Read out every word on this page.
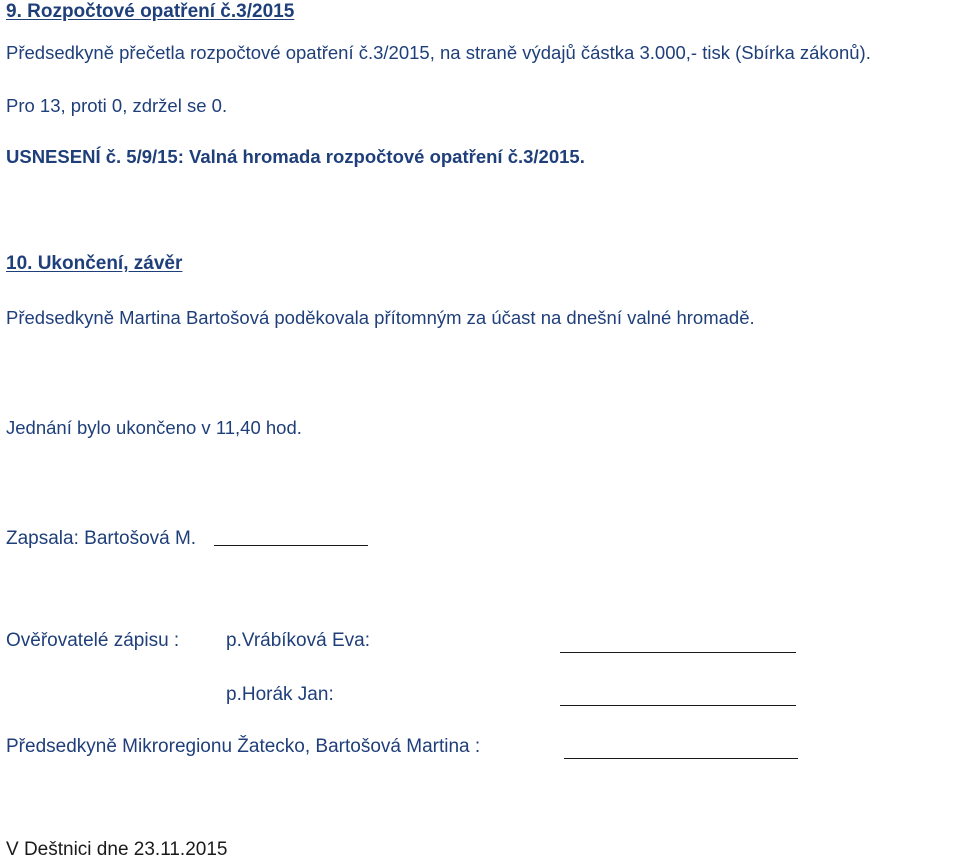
9. Rozpočtové opatření č.3/2015
Předsedkyně přečetla rozpočtové opatření č.3/2015, na straně výdajů částka 3.000,- tisk (Sbírka zákonů).
Pro 13, proti 0, zdržel se 0.
USNESENÍ č. 5/9/15: Valná hromada rozpočtové opatření č.3/2015.
10. Ukončení, závěr
Předsedkyně Martina Bartošová poděkovala přítomným za účast na dnešní valné hromadě.
Jednání bylo ukončeno v 11,40 hod.
Zapsala: Bartošová M.
Ověřovatelé zápisu : p.Vrábíková Eva:
p.Horák Jan:
Předsedkyně Mikroregionu Žatecko, Bartošová Martina :
V Deštnici dne 23.11.2015
